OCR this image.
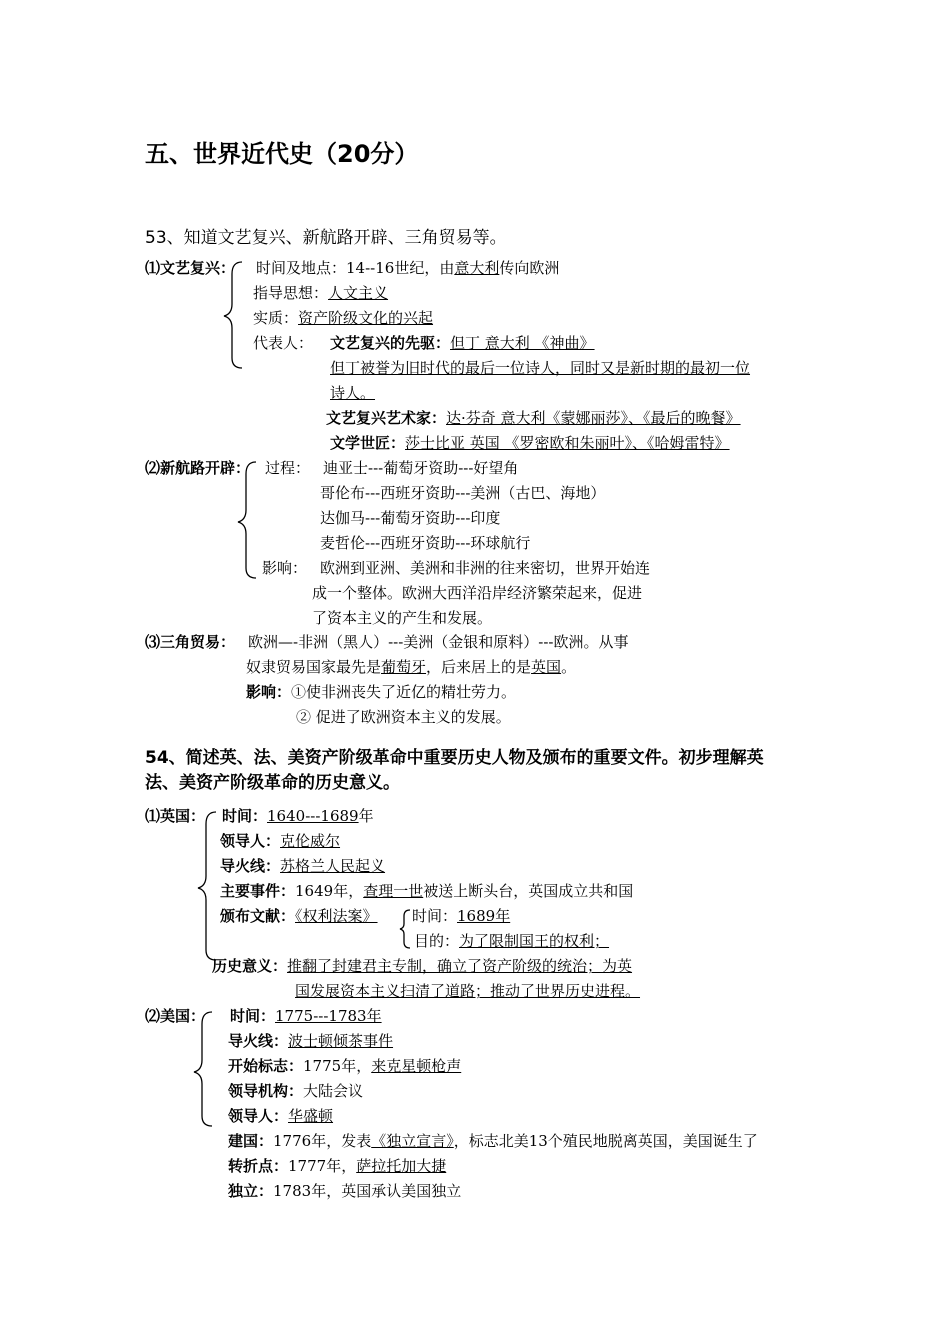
五、世界近代史（20分）
53、知道文艺复兴、新航路开辟、三角贸易等。
⑴文艺复兴： 时间及地点：14--16世纪，由意大利传向欧洲
指导思想：人文主义
实质：资产阶级文化的兴起
代表人： 文艺复兴的先驱：但丁 意大利 《神曲》
但丁被誉为旧时代的最后一位诗人，同时又是新时期的最初一位
诗人。
文艺复兴艺术家：达·芬奇 意大利《蒙娜丽莎》、《最后的晚餐》
文学世匠：莎士比亚 英国 《罗密欧和朱丽叶》、《哈姆雷特》
⑵新航路开辟： 过程： 迪亚士---葡萄牙资助---好望角
哥伦布---西班牙资助---美洲（古巴、海地）
达伽马---葡萄牙资助---印度
麦哲伦---西班牙资助---环球航行
影响： 欧洲到亚洲、美洲和非洲的往来密切，世界开始连
成一个整体。欧洲大西洋沿岸经济繁荣起来，促进
了资本主义的产生和发展。
⑶三角贸易： 欧洲—-非洲（黑人）---美洲（金银和原料）---欧洲。从事
奴隶贸易国家最先是葡萄牙，后来居上的是英国。
影响：①使非洲丧失了近亿的精壮劳力。
② 促进了欧洲资本主义的发展。
54、简述英、法、美资产阶级革命中重要历史人物及颁布的重要文件。初步理解英
法、美资产阶级革命的历史意义。
⑴英国： 时间：1640---1689年
领导人：克伦威尔
导火线：苏格兰人民起义
主要事件：1649年，查理一世被送上断头台，英国成立共和国
颁布文献：《权利法案》 时间：1689年
目的：为了限制国王的权利；
历史意义：推翻了封建君主专制，确立了资产阶级的统治；为英
国发展资本主义扫清了道路；推动了世界历史进程。
⑵美国： 时间：1775---1783年
导火线：波士顿倾茶事件
开始标志：1775年，来克星顿枪声
领导机构：大陆会议
领导人：华盛顿
建国：1776年，发表《独立宣言》，标志北美13个殖民地脱离英国，美国诞生了
转折点：1777年，萨拉托加大捷
独立：1783年，英国承认美国独立
